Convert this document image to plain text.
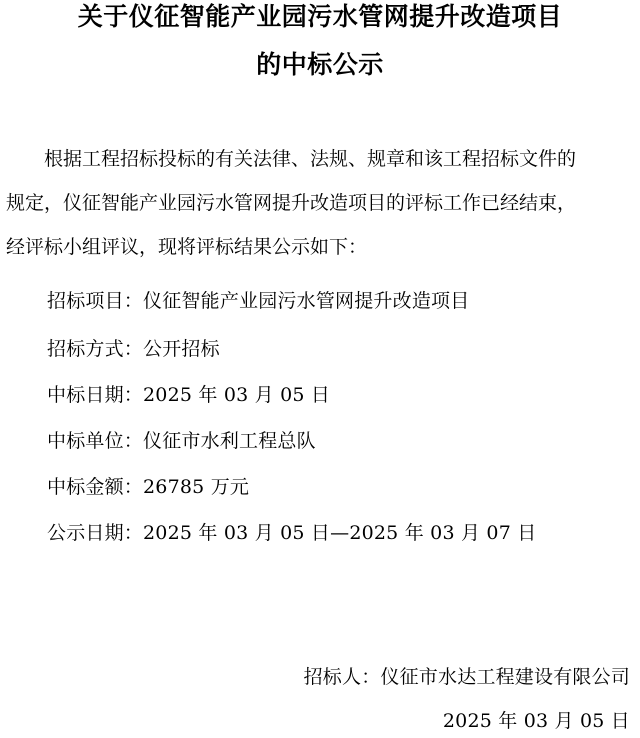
关于仪征智能产业园污水管网提升改造项目
的中标公示
　　根据工程招标投标的有关法律、法规、规章和该工程招标文件的
规定，仪征智能产业园污水管网提升改造项目的评标工作已经结束，
经评标小组评议，现将评标结果公示如下：
招标项目：仪征智能产业园污水管网提升改造项目
招标方式：公开招标
中标日期：2025 年 03 月 05 日
中标单位：仪征市水利工程总队
中标金额：26785 万元
公示日期：2025 年 03 月 05 日—2025 年 03 月 07 日
招标人：仪征市水达工程建设有限公司
2025 年 03 月 05 日
